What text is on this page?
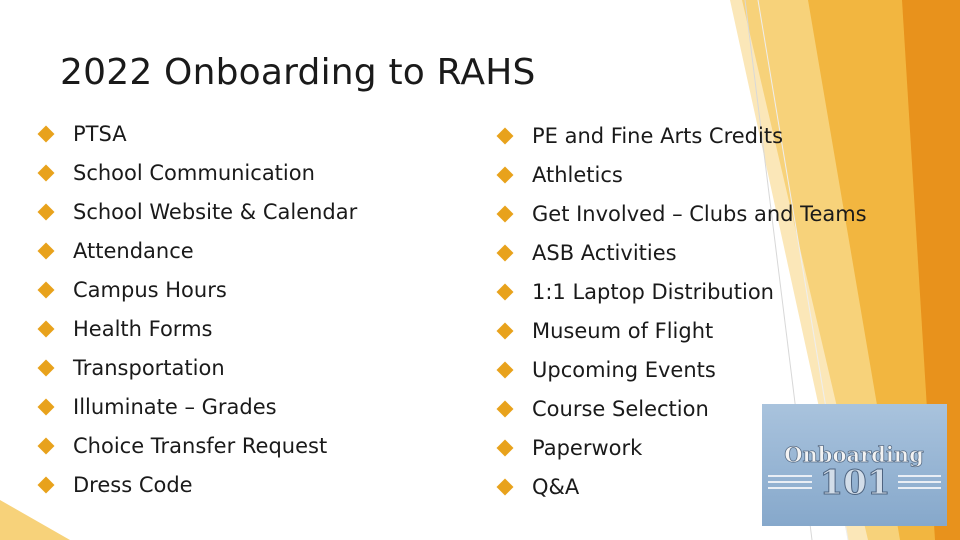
2022 Onboarding to RAHS
PTSA
School Communication
School Website & Calendar
Attendance
Campus Hours
Health Forms
Transportation
Illuminate – Grades
Choice Transfer Request
Dress Code
PE and Fine Arts Credits
Athletics
Get Involved – Clubs and Teams
ASB Activities
1:1 Laptop Distribution
Museum of Flight
Upcoming Events
Course Selection
Paperwork
Q&A
Onboarding
101
